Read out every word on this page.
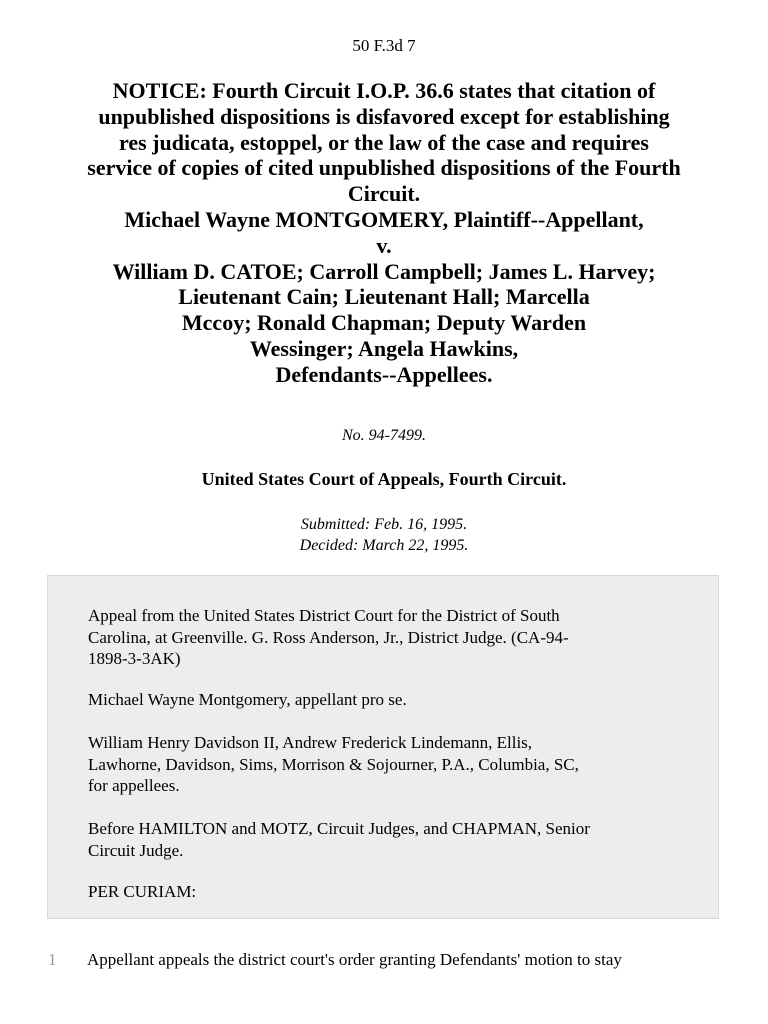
50 F.3d 7
NOTICE: Fourth Circuit I.O.P. 36.6 states that citation of
unpublished dispositions is disfavored except for establishing
res judicata, estoppel, or the law of the case and requires
service of copies of cited unpublished dispositions of the Fourth
Circuit.
Michael Wayne MONTGOMERY, Plaintiff--Appellant,
v.
William D. CATOE; Carroll Campbell; James L. Harvey;
Lieutenant Cain; Lieutenant Hall; Marcella
Mccoy; Ronald Chapman; Deputy Warden
Wessinger; Angela Hawkins,
Defendants--Appellees.
No. 94-7499.
United States Court of Appeals, Fourth Circuit.
Submitted: Feb. 16, 1995.
Decided: March 22, 1995.

Appeal from the United States District Court for the District of South
Carolina, at Greenville. G. Ross Anderson, Jr., District Judge. (CA-94-
1898-3-3AK)

Michael Wayne Montgomery, appellant pro se.

William Henry Davidson II, Andrew Frederick Lindemann, Ellis,
Lawhorne, Davidson, Sims, Morrison & Sojourner, P.A., Columbia, SC,
for appellees.

Before HAMILTON and MOTZ, Circuit Judges, and CHAPMAN, Senior
Circuit Judge.

PER CURIAM:

1 Appellant appeals the district court's order granting Defendants' motion to stay
